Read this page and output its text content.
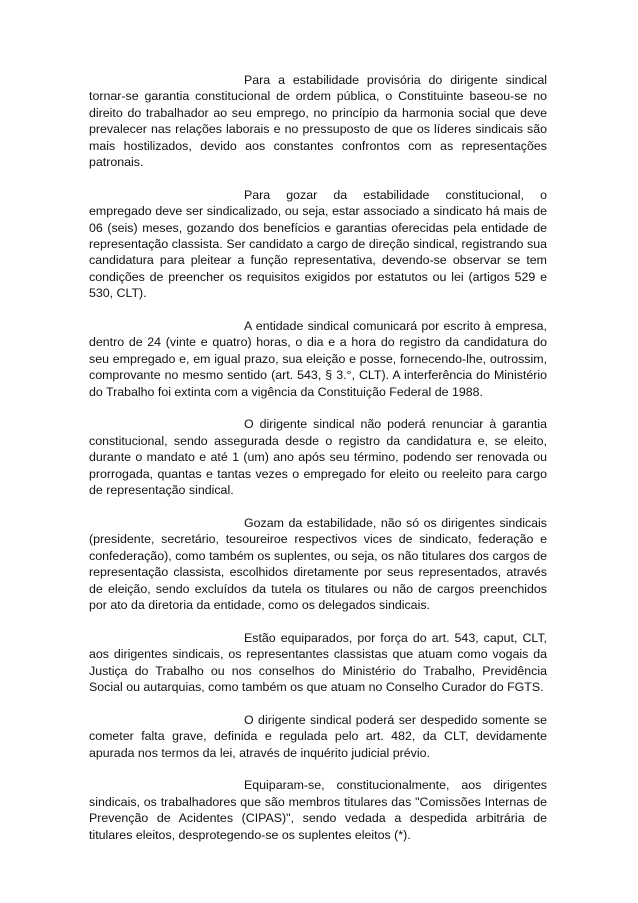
Para a estabilidade provisória do dirigente sindical tornar-se garantia constitucional de ordem pública, o Constituinte baseou-se no direito do trabalhador ao seu emprego, no princípio da harmonia social que deve prevalecer nas relações laborais e no pressuposto de que os líderes sindicais são mais hostilizados, devido aos constantes confrontos com as representações patronais.

Para gozar da estabilidade constitucional, o empregado deve ser sindicalizado, ou seja, estar associado a sindicato há mais de 06 (seis) meses, gozando dos benefícios e garantias oferecidas pela entidade de representação classista. Ser candidato a cargo de direção sindical, registrando sua candidatura para pleitear a função representativa, devendo-se observar se tem condições de preencher os requisitos exigidos por estatutos ou lei (artigos 529 e 530, CLT).

A entidade sindical comunicará por escrito à empresa, dentro de 24 (vinte e quatro) horas, o dia e a hora do registro da candidatura do seu empregado e, em igual prazo, sua eleição e posse, fornecendo-lhe, outrossim, comprovante no mesmo sentido (art. 543, § 3.°, CLT). A interferência do Ministério do Trabalho foi extinta com a vigência da Constituição Federal de 1988.

O dirigente sindical não poderá renunciar à garantia constitucional, sendo assegurada desde o registro da candidatura e, se eleito, durante o mandato e até 1 (um) ano após seu término, podendo ser renovada ou prorrogada, quantas e tantas vezes o empregado for eleito ou reeleito para cargo de representação sindical.

Gozam da estabilidade, não só os dirigentes sindicais (presidente, secretário, tesoureiroe respectivos vices de sindicato, federação e confederação), como também os suplentes, ou seja, os não titulares dos cargos de representação classista, escolhidos diretamente por seus representados, através de eleição, sendo excluídos da tutela os titulares ou não de cargos preenchidos por ato da diretoria da entidade, como os delegados sindicais.

Estão equiparados, por força do art. 543, caput, CLT, aos dirigentes sindicais, os representantes classistas que atuam como vogais da Justiça do Trabalho ou nos conselhos do Ministério do Trabalho, Previdência Social ou autarquias, como também os que atuam no Conselho Curador do FGTS.

O dirigente sindical poderá ser despedido somente se cometer falta grave, definida e regulada pelo art. 482, da CLT, devidamente apurada nos termos da lei, através de inquérito judicial prévio.

Equiparam-se, constitucionalmente, aos dirigentes sindicais, os trabalhadores que são membros titulares das "Comissões Internas de Prevenção de Acidentes (CIPAS)", sendo vedada a despedida arbitrária de titulares eleitos, desprotegendo-se os suplentes eleitos (*).
